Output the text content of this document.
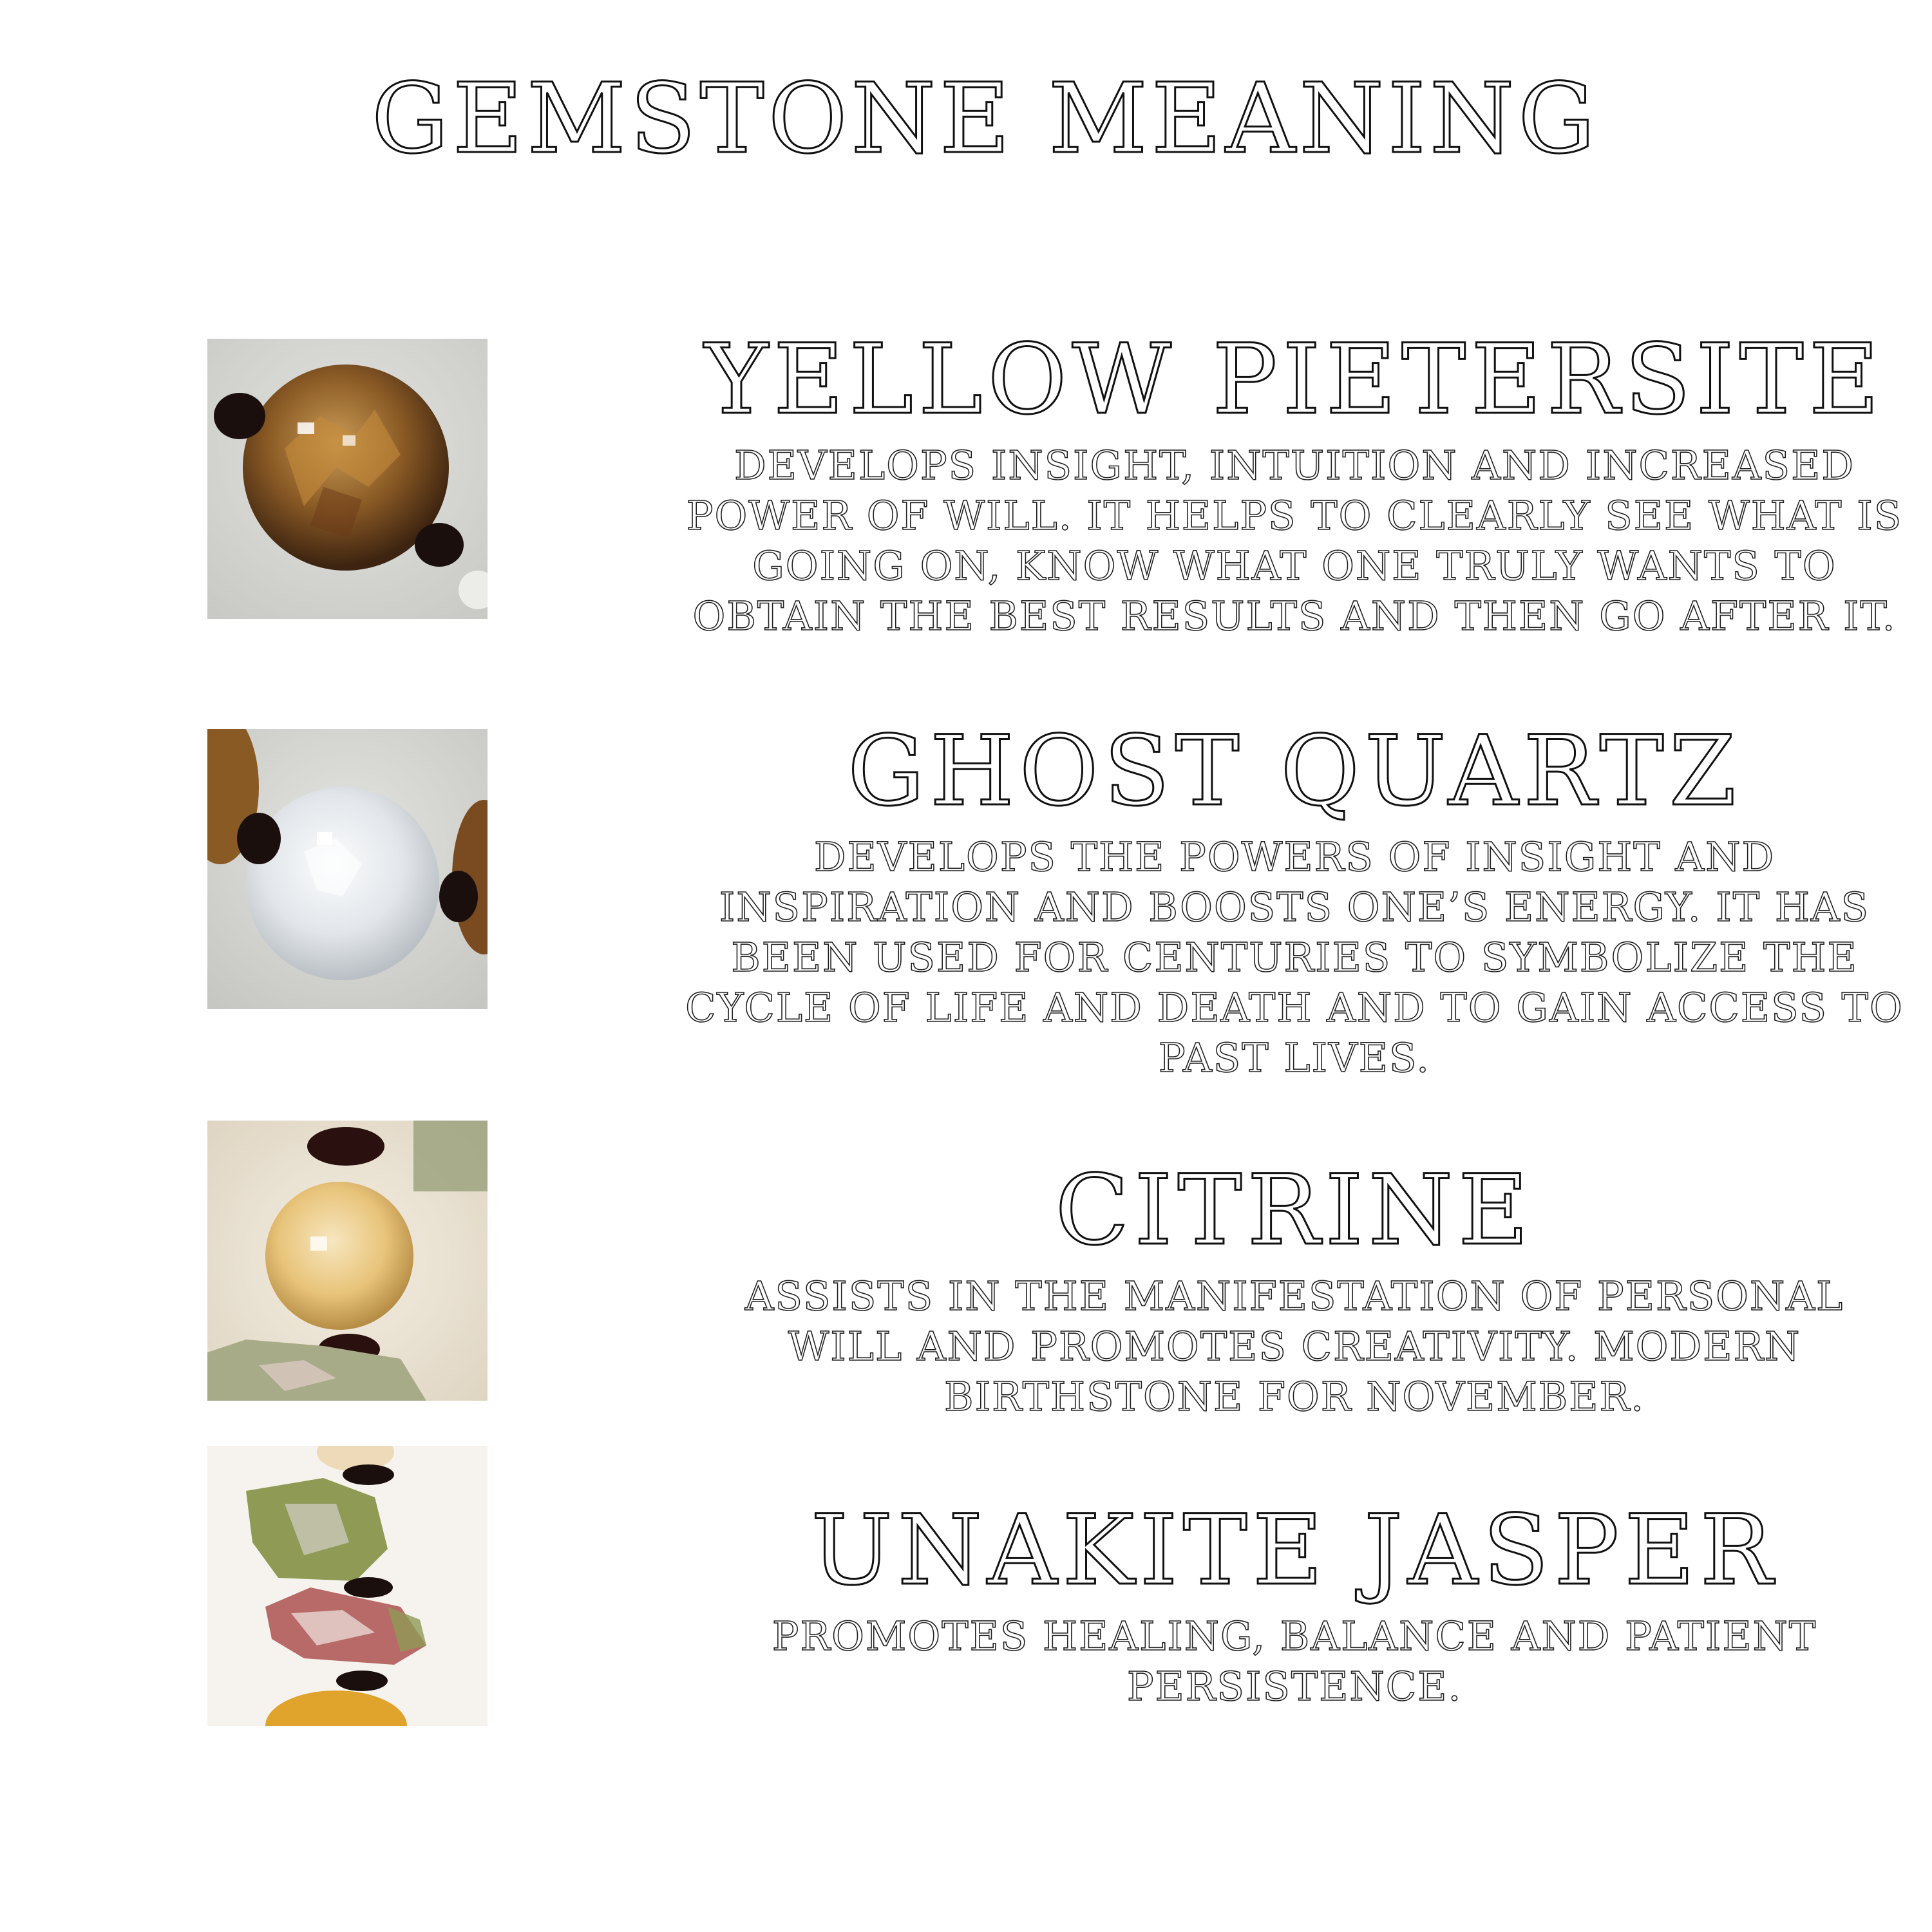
GEMSTONE MEANING
YELLOW PIETERSITE

DEVELOPS INSIGHT, INTUITION AND INCREASED POWER OF WILL. IT HELPS TO CLEARLY SEE WHAT IS GOING ON, KNOW WHAT ONE TRULY WANTS TO OBTAIN THE BEST RESULTS AND THEN GO AFTER IT.

GHOST QUARTZ

DEVELOPS THE POWERS OF INSIGHT AND INSPIRATION AND BOOSTS ONE’S ENERGY. IT HAS BEEN USED FOR CENTURIES TO SYMBOLIZE THE CYCLE OF LIFE AND DEATH AND TO GAIN ACCESS TO PAST LIVES.

CITRINE

ASSISTS IN THE MANIFESTATION OF PERSONAL WILL AND PROMOTES CREATIVITY. MODERN BIRTHSTONE FOR NOVEMBER.

UNAKITE JASPER

PROMOTES HEALING, BALANCE AND PATIENT PERSISTENCE.
